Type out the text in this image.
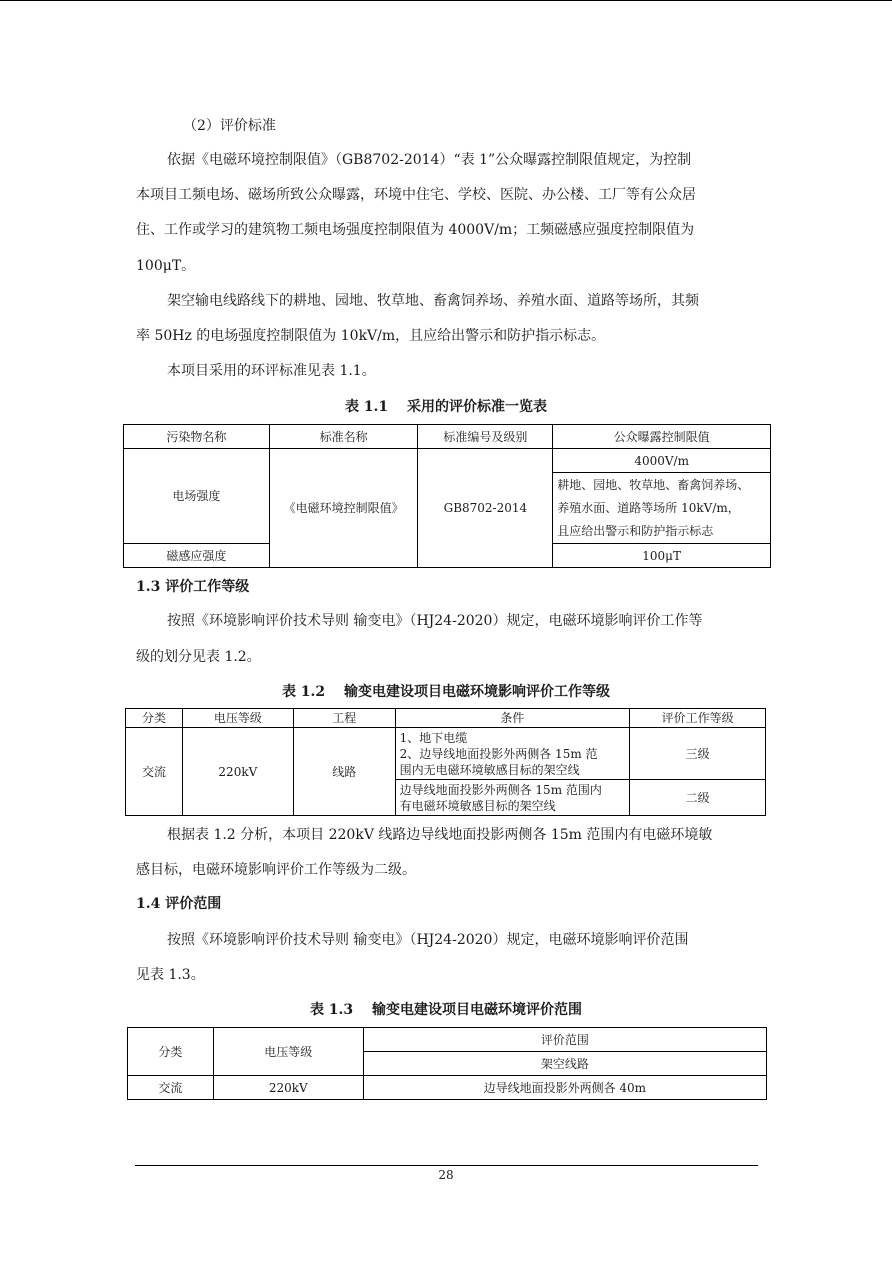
（2）评价标准
依据《电磁环境控制限值》（GB8702-2014）“表 1”公众曝露控制限值规定，为控制
本项目工频电场、磁场所致公众曝露，环境中住宅、学校、医院、办公楼、工厂等有公众居
住、工作或学习的建筑物工频电场强度控制限值为 4000V/m；工频磁感应强度控制限值为
100μT。
架空输电线路线下的耕地、园地、牧草地、畜禽饲养场、养殖水面、道路等场所，其频
率 50Hz 的电场强度控制限值为 10kV/m，且应给出警示和防护指示标志。
本项目采用的环评标准见表 1.1。
表 1.1　 采用的评价标准一览表
污染物名称	标准名称	标准编号及级别	公众曝露控制限值
电场强度	《电磁环境控制限值》	GB8702-2014	4000V/m
			耕地、园地、牧草地、畜禽饲养场、
养殖水面、道路等场所 10kV/m，
且应给出警示和防护指示标志
磁感应强度			100μT
1.3 评价工作等级
按照《环境影响评价技术导则 输变电》（HJ24-2020）规定，电磁环境影响评价工作等
级的划分见表 1.2。
表 1.2　 输变电建设项目电磁环境影响评价工作等级
分类	电压等级	工程	条件	评价工作等级
交流	220kV	线路	1、地下电缆
2、边导线地面投影外两侧各 15m 范
围内无电磁环境敏感目标的架空线	三级
			边导线地面投影外两侧各 15m 范围内
有电磁环境敏感目标的架空线	二级
根据表 1.2 分析，本项目 220kV 线路边导线地面投影两侧各 15m 范围内有电磁环境敏
感目标，电磁环境影响评价工作等级为二级。
1.4 评价范围
按照《环境影响评价技术导则 输变电》（HJ24-2020）规定，电磁环境影响评价范围
见表 1.3。
表 1.3　 输变电建设项目电磁环境评价范围
分类	电压等级	评价范围
		架空线路
交流	220kV	边导线地面投影外两侧各 40m
28
